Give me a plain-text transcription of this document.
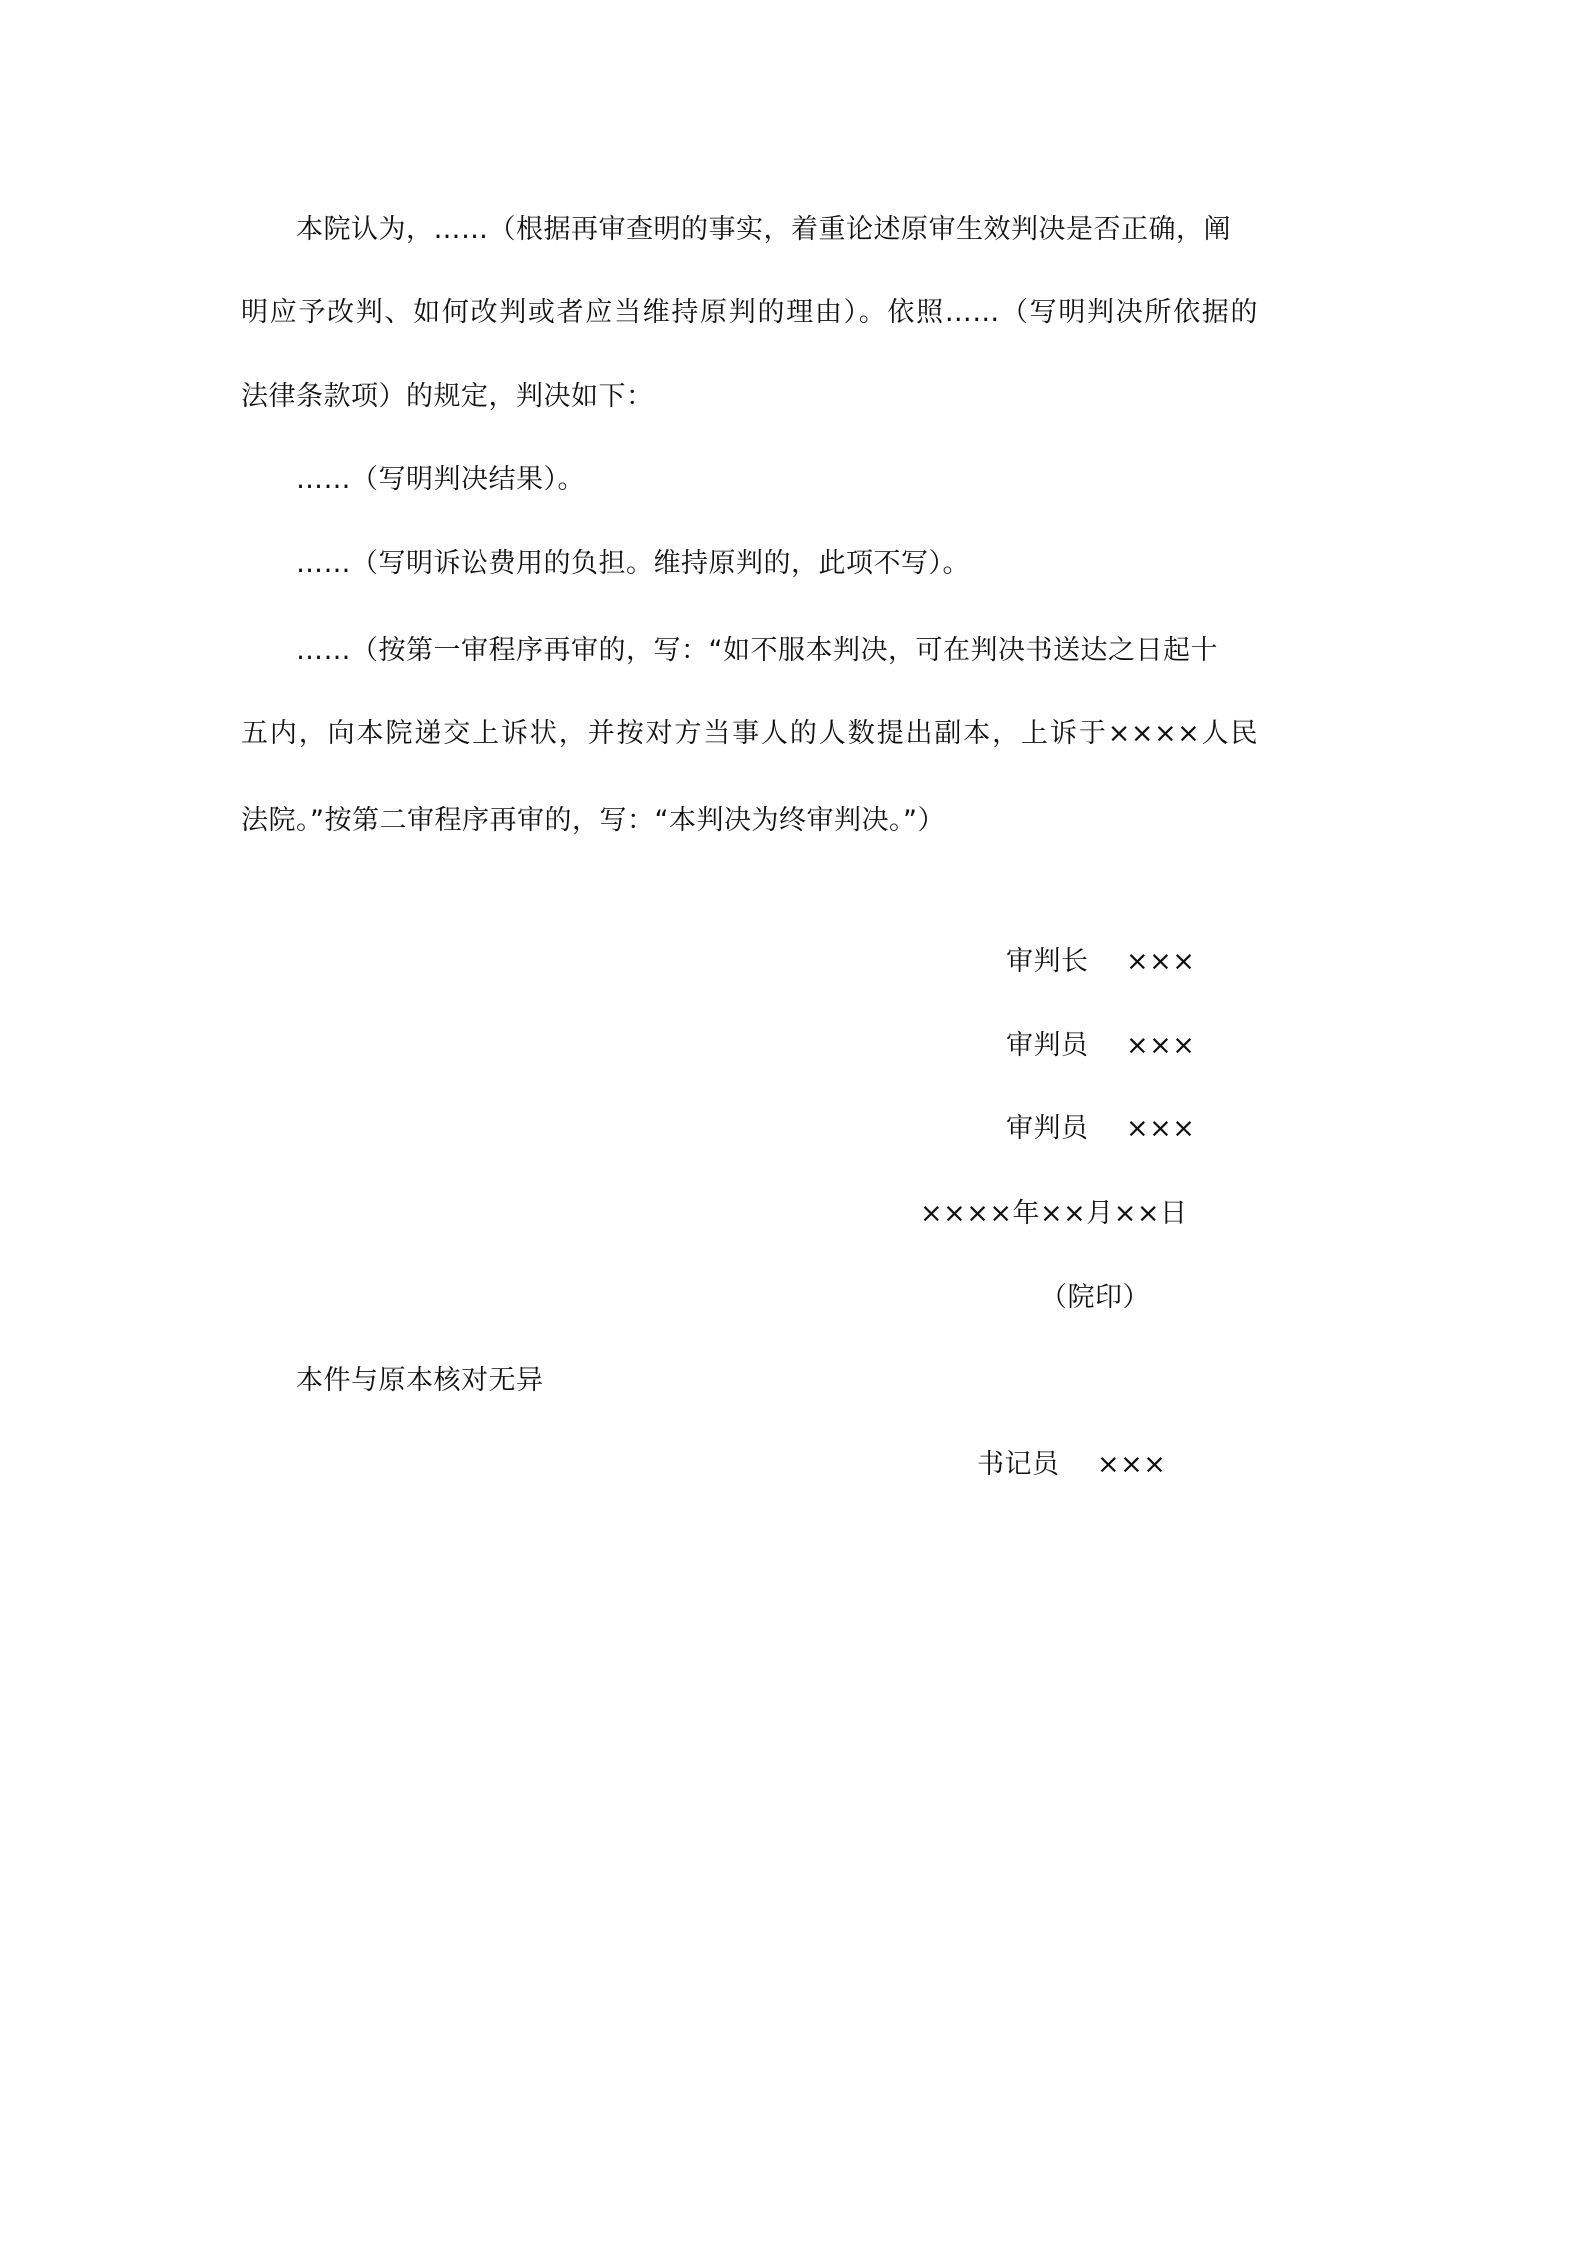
本院认为，……（根据再审查明的事实，着重论述原审生效判决是否正确，阐
明应予改判、如何改判或者应当维持原判的理由）。依照……（写明判决所依据的
法律条款项）的规定，判决如下：
……（写明判决结果）。
……（写明诉讼费用的负担。维持原判的，此项不写）。
……（按第一审程序再审的，写：“如不服本判决，可在判决书送达之日起十
五内，向本院递交上诉状，并按对方当事人的人数提出副本，上诉于××××人民
法院。”按第二审程序再审的，写：“本判决为终审判决。”）
审判长 ×××
审判员 ×××
审判员 ×××
××××年××月××日
（院印）
本件与原本核对无异
书记员 ×××
